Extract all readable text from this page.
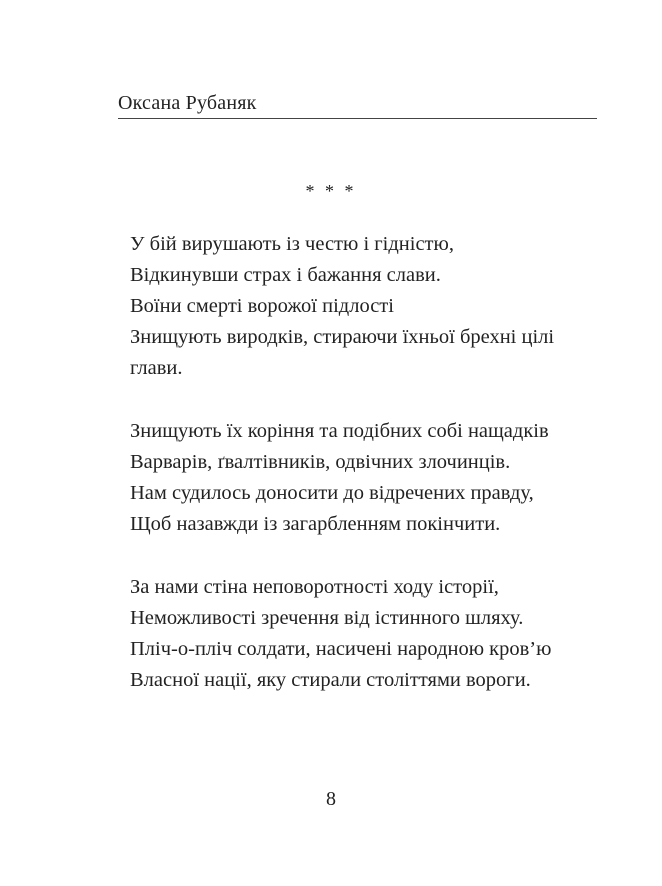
Оксана Рубаняк
* * *
У бій вирушають із честю і гідністю,
Відкинувши страх і бажання слави.
Воїни смерті ворожої підлості
Знищують виродків, стираючи їхньої брехні цілі глави.
Знищують їх коріння та подібних собі нащадків
Варварів, ґвалтівників, одвічних злочинців.
Нам судилось доносити до відречених правду,
Щоб назавжди із загарбленням покінчити.
За нами стіна неповоротності ходу історії,
Неможливості зречення від істинного шляху.
Пліч-о-пліч солдати, насичені народною кров’ю
Власної нації, яку стирали століттями вороги.
8
